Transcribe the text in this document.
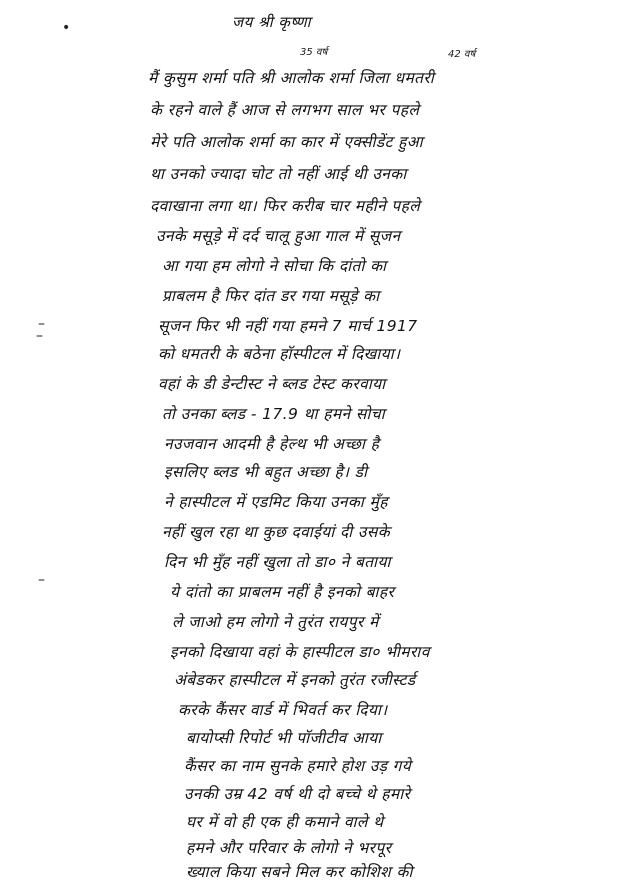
जय श्री कृष्णा
35 वर्ष	42 वर्ष
•
–
–
–
मैं कुसुम शर्मा पति श्री आलोक शर्मा जिला धमतरी
के रहने वाले हैं आज से लगभग साल भर पहले
मेरे पति आलोक शर्मा का कार में एक्सीडेंट हुआ
था उनको ज्यादा चोट तो नहीं आई थी उनका
दवाखाना लगा था। फिर करीब चार महीने पहले
उनके मसूड़े में दर्द चालू हुआ गाल में सूजन
आ गया हम लोगो ने सोचा कि दांतो का
प्राबलम है फिर दांत डर गया मसूड़े का
सूजन फिर भी नहीं गया हमने 7 मार्च 1917
को धमतरी के बठेना हॉस्पीटल में दिखाया।
वहां के डी डेन्टीस्ट ने ब्लड टेस्ट करवाया
तो उनका ब्लड - 17.9 था हमने सोचा
नउजवान आदमी है हेल्थ भी अच्छा है
इसलिए ब्लड भी बहुत अच्छा है। डी
ने हास्पीटल में एडमिट किया उनका मुँह
नहीं खुल रहा था कुछ दवाईयां दी उसके
दिन भी मुँह नहीं खुला तो डा० ने बताया
ये दांतो का प्राबलम नहीं है इनको बाहर
ले जाओ हम लोगो ने तुरंत रायपुर में
इनको दिखाया वहां के हास्पीटल डा० भीमराव
अंबेडकर हास्पीटल में इनको तुरंत रजीस्टर्ड
करके कैंसर वार्ड में भिवर्त कर दिया।
बायोप्सी रिपोर्ट भी पॉजीटीव आया
कैंसर का नाम सुनके हमारे होश उड़ गये
उनकी उम्र 42 वर्ष थी दो बच्चे थे हमारे
घर में वो ही एक ही कमाने वाले थे
हमने और परिवार के लोगो ने भरपूर
ख्याल किया सबने मिल कर कोशिश की
